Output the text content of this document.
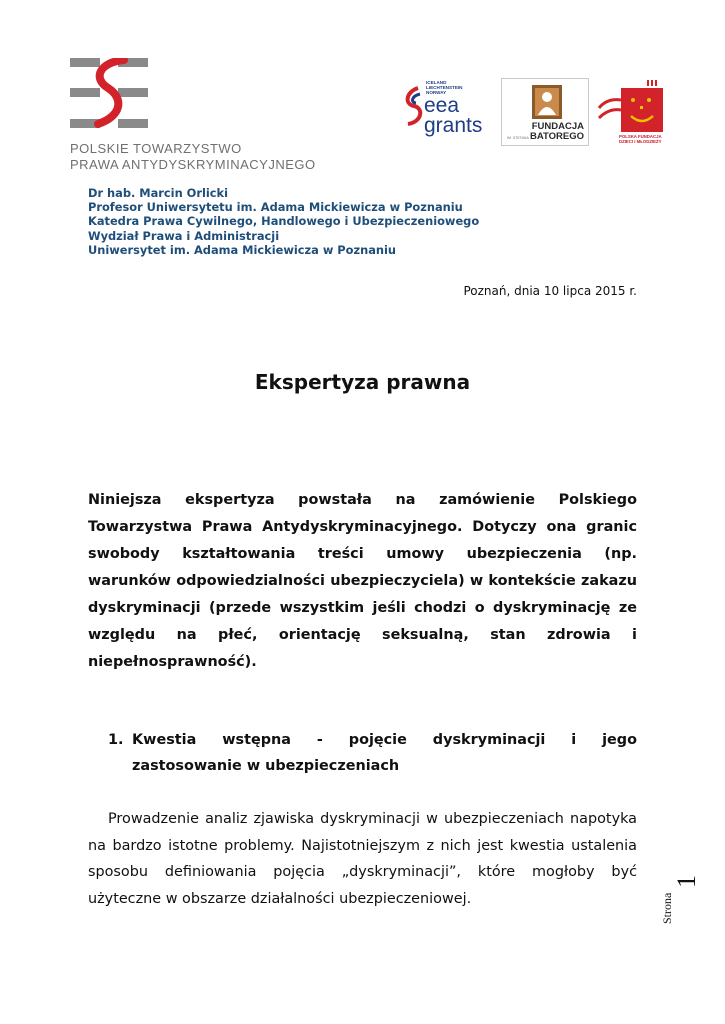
POLSKIE TOWARZYSTWO
PRAWA ANTYDYSKRYMINACYJNEGO
ICELAND
LIECHTENSTEIN
NORWAY
eea
grants
IM. STEFANA
FUNDACJA
BATOREGO	POLSKA FUNDACJA
DZIECI I MŁODZIEŻY
Dr hab. Marcin Orlicki
Profesor Uniwersytetu im. Adama Mickiewicza w Poznaniu
Katedra Prawa Cywilnego, Handlowego i Ubezpieczeniowego
Wydział Prawa i Administracji
Uniwersytet im. Adama Mickiewicza w Poznaniu
Poznań, dnia 10 lipca 2015 r.
Ekspertyza prawna
Niniejsza ekspertyza powstała na zamówienie Polskiego Towarzystwa Prawa Antydyskryminacyjnego. Dotyczy ona granic swobody kształtowania treści umowy ubezpieczenia (np. warunków odpowiedzialności ubezpieczyciela) w kontekście zakazu dyskryminacji (przede wszystkim jeśli chodzi o dyskryminację ze względu na płeć, orientację seksualną, stan zdrowia i niepełnosprawność).
1. Kwestia wstępna - pojęcie dyskryminacji i jego
zastosowanie w ubezpieczeniach
Prowadzenie analiz zjawiska dyskryminacji w ubezpieczeniach napotyka na bardzo istotne problemy. Najistotniejszym z nich jest kwestia ustalenia sposobu definiowania pojęcia „dyskryminacji”, które mogłoby być użyteczne w obszarze działalności ubezpieczeniowej.	Strona
1
